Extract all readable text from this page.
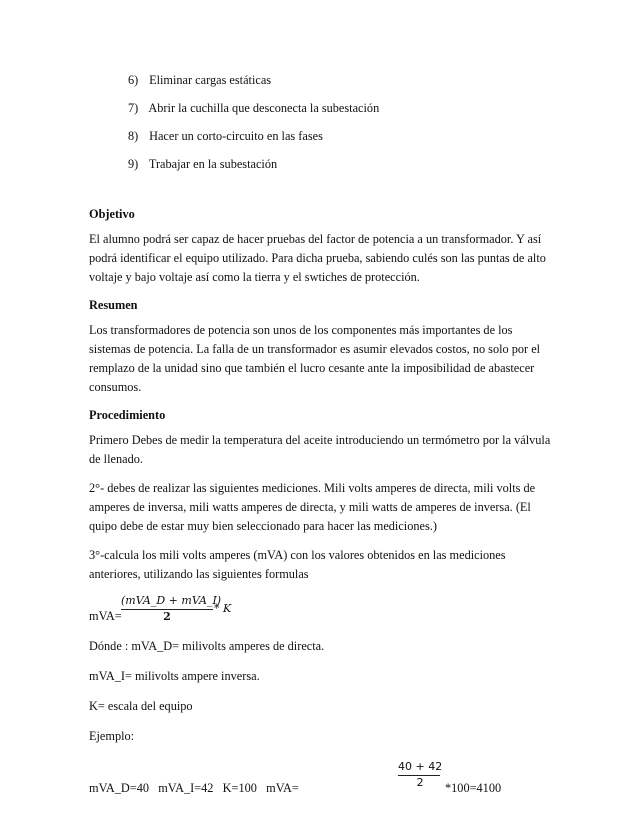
6) Eliminar cargas estáticas
7) Abrir la cuchilla que desconecta la subestación
8) Hacer un corto-circuito en las fases
9) Trabajar en la subestación
Objetivo

El alumno podrá ser capaz de hacer pruebas del factor de potencia a un transformador. Y así podrá identificar el equipo utilizado. Para dicha prueba, sabiendo culés son las puntas de alto voltaje y bajo voltaje así como la tierra y el swtiches de protección.

Resumen

Los transformadores de potencia son unos de los componentes más importantes de los sistemas de potencia. La falla de un transformador es asumir elevados costos, no solo por el remplazo de la unidad sino que también el lucro cesante ante la imposibilidad de abastecer consumos.

Procedimiento

Primero Debes de medir la temperatura del aceite introduciendo un termómetro por la válvula de llenado.

2°- debes de realizar las siguientes mediciones. Mili volts amperes de directa, mili volts de amperes de inversa, mili watts amperes de directa, y mili watts de amperes de inversa. (El quipo debe de estar muy bien seleccionado para hacer las mediciones.)

3°-calcula los mili volts amperes (mVA) con los valores obtenidos en las mediciones anteriores, utilizando las siguientes formulas

mVA=
(mVA_D + mVA_I)
2
* K
Dónde : mVA_D= milivolts amperes de directa.
mVA_I= milivolts ampere inversa.
K= escala del equipo
Ejemplo:
mVA_D=40   mVA_I=42   K=100   mVA=
40 + 42
2	*100=4100
